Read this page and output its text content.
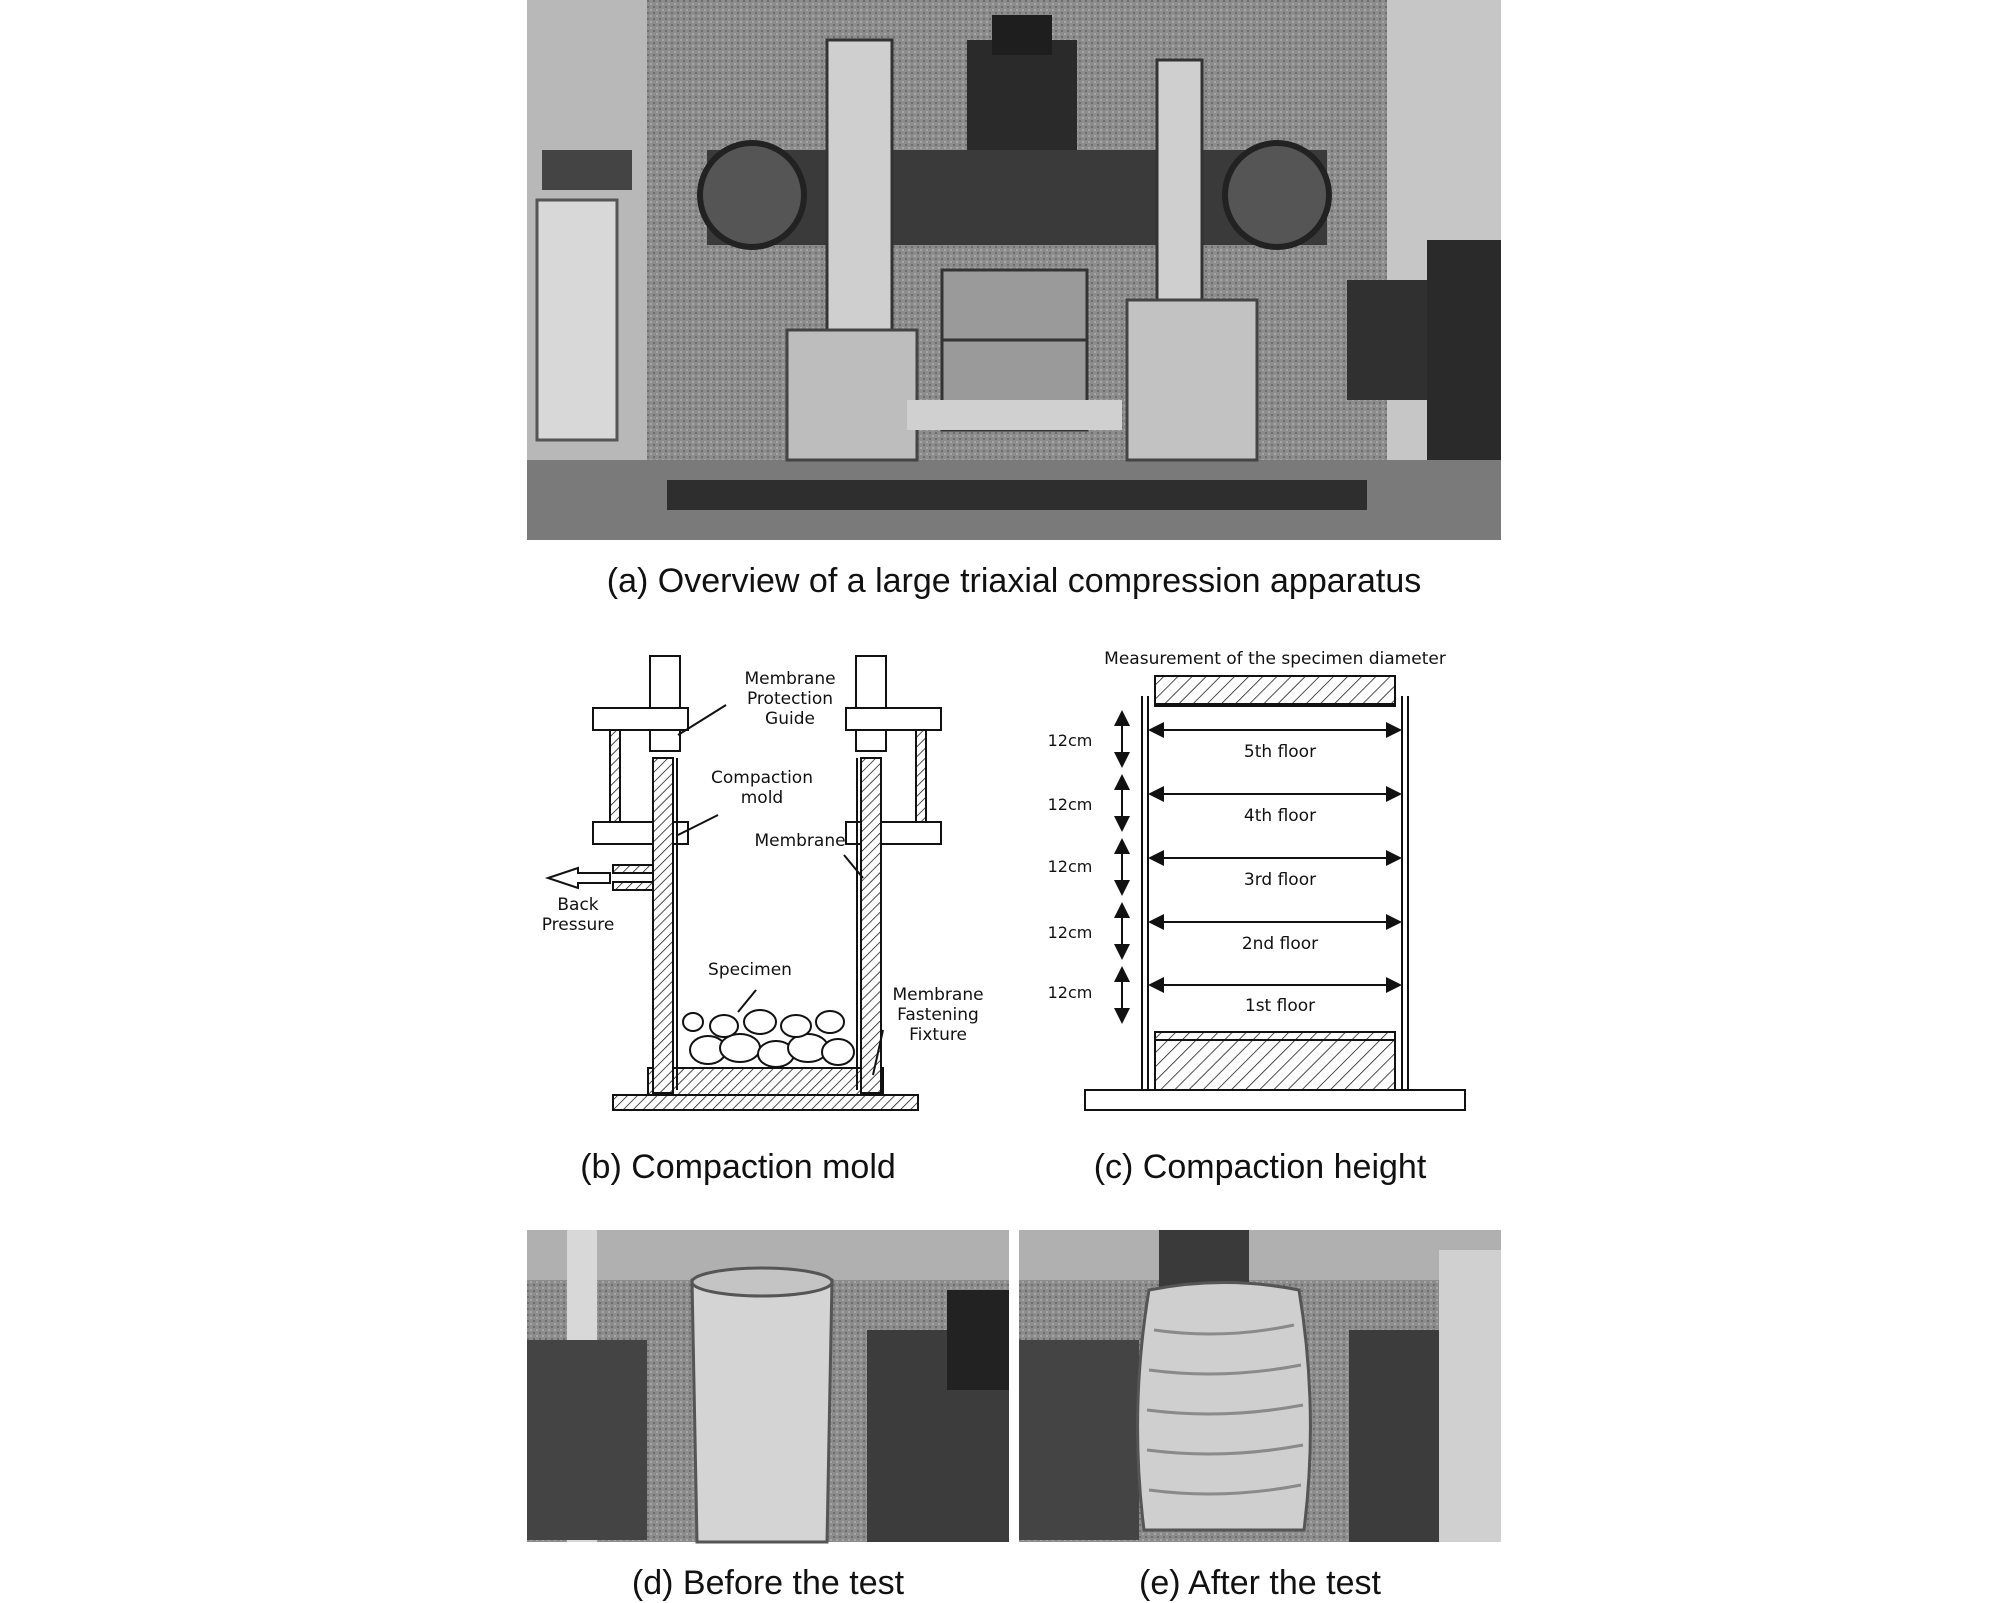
(a) Overview of a large triaxial compression apparatus
Membrane
Protection
Guide
Compaction
mold
Membrane
Back
Pressure
Specimen
Membrane
Fastening
Fixture
(b) Compaction mold
Measurement of the specimen diameter
5th floor
4th floor
3rd floor
2nd floor
1st floor
12cm
12cm
12cm
12cm
12cm
(c) Compaction height
(d) Before the test	(e) After the test
